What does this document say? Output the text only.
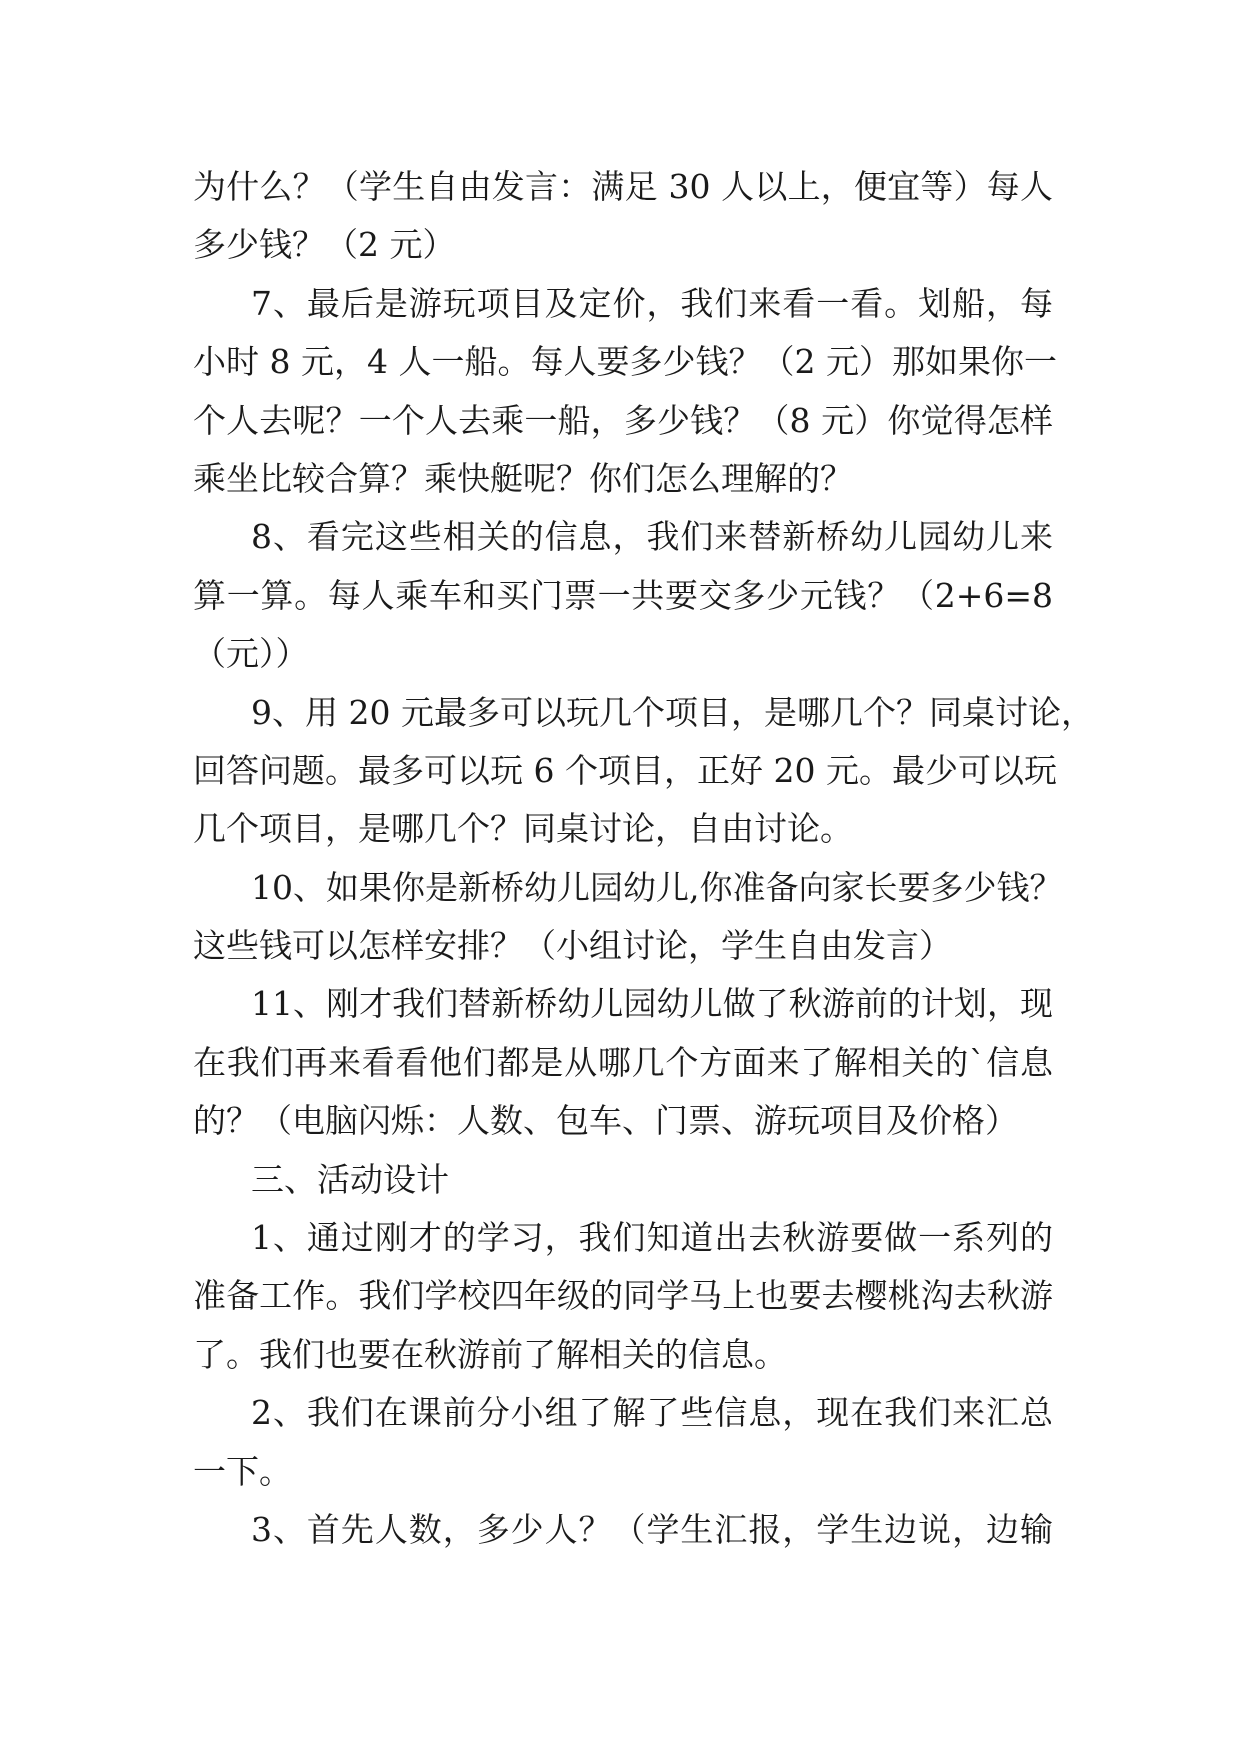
为什么？（学生自由发言：满足 30 人以上，便宜等）每人
多少钱？（2 元）
7、最后是游玩项目及定价，我们来看一看。划船，每
小时 8 元，4 人一船。每人要多少钱？（2 元）那如果你一
个人去呢？一个人去乘一船，多少钱？（8 元）你觉得怎样
乘坐比较合算？乘快艇呢？你们怎么理解的？
8、看完这些相关的信息，我们来替新桥幼儿园幼儿来
算一算。每人乘车和买门票一共要交多少元钱？（2+6=8
（元））
9、用 20 元最多可以玩几个项目，是哪几个？同桌讨论，
回答问题。最多可以玩 6 个项目，正好 20 元。最少可以玩
几个项目，是哪几个？同桌讨论，自由讨论。
10、如果你是新桥幼儿园幼儿,你准备向家长要多少钱？
这些钱可以怎样安排？（小组讨论，学生自由发言）
11、刚才我们替新桥幼儿园幼儿做了秋游前的计划，现
在我们再来看看他们都是从哪几个方面来了解相关的`信息
的？（电脑闪烁：人数、包车、门票、游玩项目及价格）
三、活动设计
1、通过刚才的学习，我们知道出去秋游要做一系列的
准备工作。我们学校四年级的同学马上也要去樱桃沟去秋游
了。我们也要在秋游前了解相关的信息。
2、我们在课前分小组了解了些信息，现在我们来汇总
一下。
3、首先人数，多少人？（学生汇报，学生边说，边输
